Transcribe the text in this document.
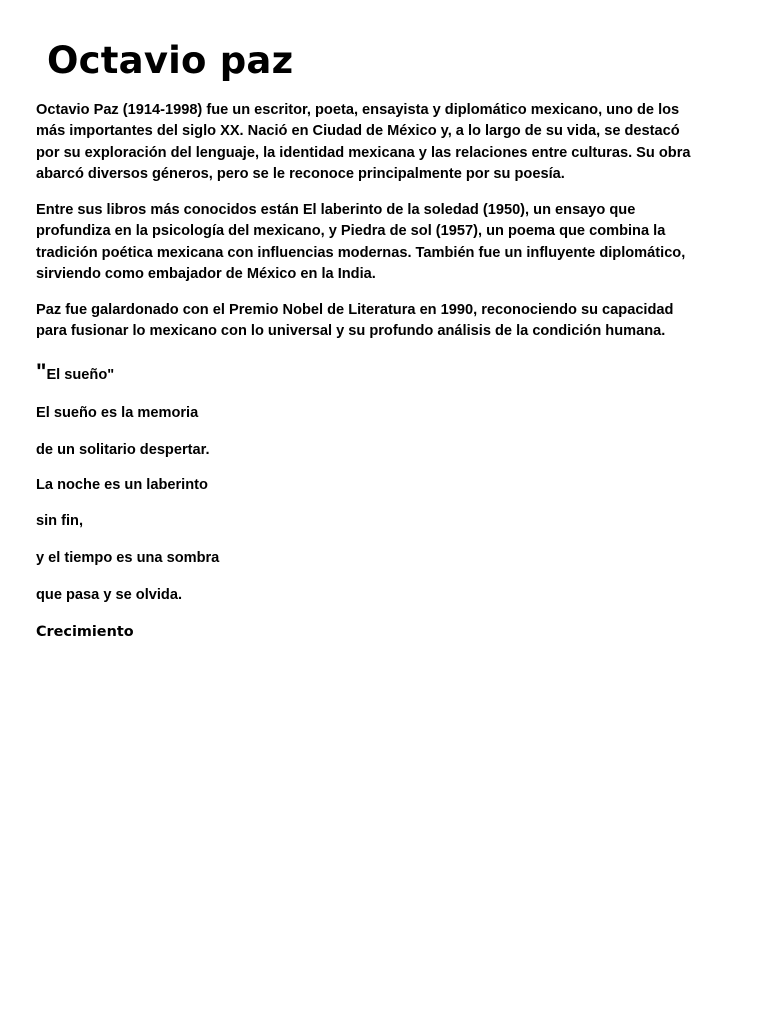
Octavio paz

Octavio Paz (1914-1998) fue un escritor, poeta, ensayista y diplomático mexicano, uno de los
más importantes del siglo XX. Nació en Ciudad de México y, a lo largo de su vida, se destacó
por su exploración del lenguaje, la identidad mexicana y las relaciones entre culturas. Su obra
abarcó diversos géneros, pero se le reconoce principalmente por su poesía.

Entre sus libros más conocidos están El laberinto de la soledad (1950), un ensayo que
profundiza en la psicología del mexicano, y Piedra de sol (1957), un poema que combina la
tradición poética mexicana con influencias modernas. También fue un influyente diplomático,
sirviendo como embajador de México en la India.

Paz fue galardonado con el Premio Nobel de Literatura en 1990, reconociendo su capacidad
para fusionar lo mexicano con lo universal y su profundo análisis de la condición humana.

"El sueño"

El sueño es la memoria

de un solitario despertar.

La noche es un laberinto

sin fin,

y el tiempo es una sombra

que pasa y se olvida.

Crecimiento
